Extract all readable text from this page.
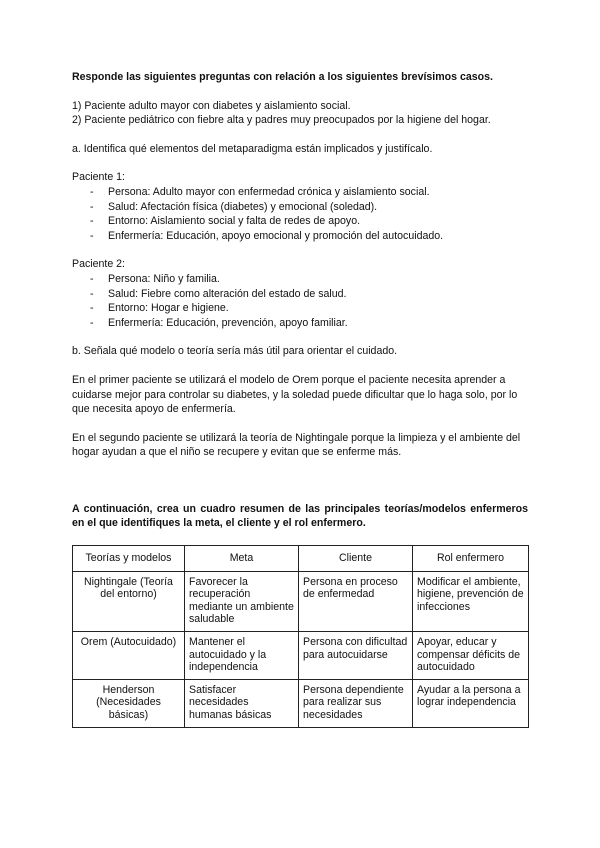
Responde las siguientes preguntas con relación a los siguientes brevísimos casos.

1) Paciente adulto mayor con diabetes y aislamiento social.

2) Paciente pediátrico con fiebre alta y padres muy preocupados por la higiene del hogar.

a. Identifica qué elementos del metaparadigma están implicados y justifícalo.

Paciente 1:

- Persona: Adulto mayor con enfermedad crónica y aislamiento social.
- Salud: Afectación física (diabetes) y emocional (soledad).
- Entorno: Aislamiento social y falta de redes de apoyo.
- Enfermería: Educación, apoyo emocional y promoción del autocuidado.

Paciente 2:

- Persona: Niño y familia.
- Salud: Fiebre como alteración del estado de salud.
- Entorno: Hogar e higiene.
- Enfermería: Educación, prevención, apoyo familiar.

b. Señala qué modelo o teoría sería más útil para orientar el cuidado.

En el primer paciente se utilizará el modelo de Orem porque el paciente necesita aprender a cuidarse mejor para controlar su diabetes, y la soledad puede dificultar que lo haga solo, por lo que necesita apoyo de enfermería.

En el segundo paciente se utilizará la teoría de Nightingale porque la limpieza y el ambiente del hogar ayudan a que el niño se recupere y evitan que se enferme más.

A continuación, crea un cuadro resumen de las principales teorías/modelos enfermeros en el que identifiques la meta, el cliente y el rol enfermero.

Teorías y modelos	Meta	Cliente	Rol enfermero
Nightingale (Teoría del entorno)	Favorecer la recuperación mediante un ambiente saludable	Persona en proceso de enfermedad	Modificar el ambiente, higiene, prevención de infecciones
Orem (Autocuidado)	Mantener el autocuidado y la independencia	Persona con dificultad para autocuidarse	Apoyar, educar y compensar déficits de autocuidado
Henderson (Necesidades básicas)	Satisfacer necesidades humanas básicas	Persona dependiente para realizar sus necesidades	Ayudar a la persona a lograr independencia
